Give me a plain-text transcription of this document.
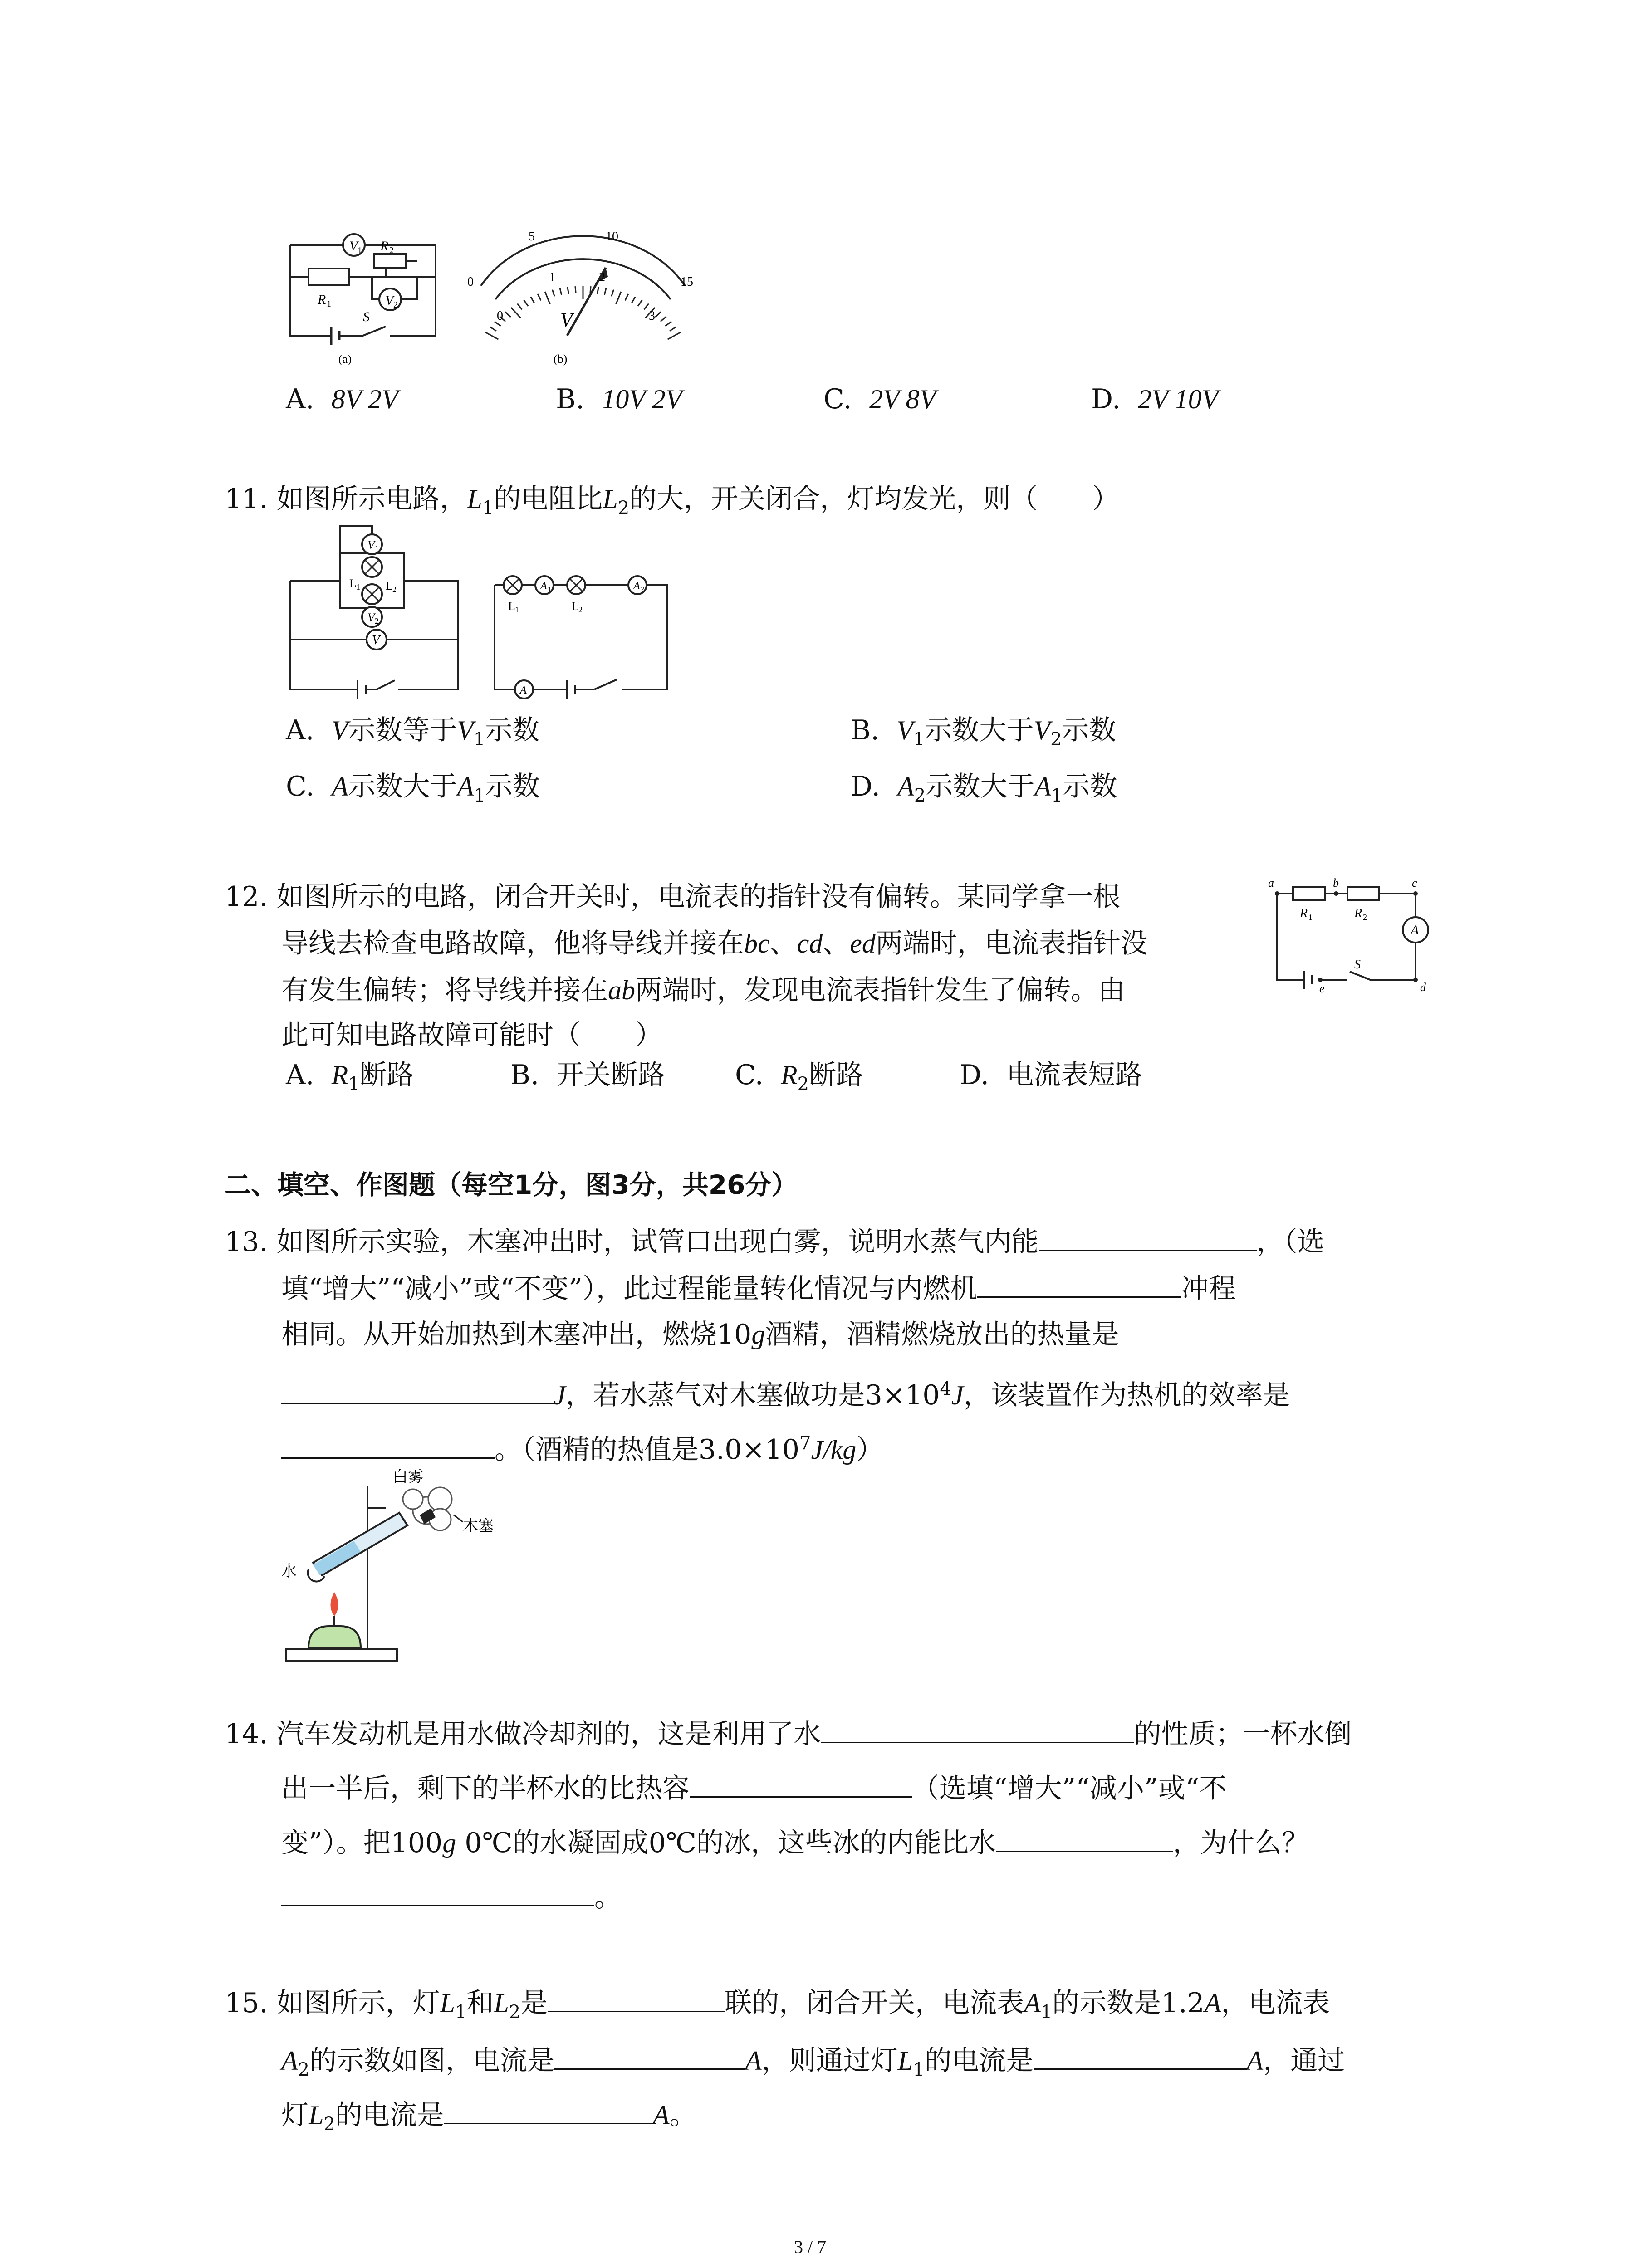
V 1
V 2
R 1
R 2
S
(a)
0
5	10
15
0
1	2
3
V
(b)
A. 8V 2V	B. 10V 2V	C. 2V 8V	D. 2V 10V
11. 如图所示电路，$L_1$的电阻比$L_2$的大，开关闭合，灯均发光，则（　　）
V 1
V 2
V
L 1 L 2	A 1	A 2
A
L 1	L 2
A. V示数等于$V_1$示数	B. $V_1$示数大于$V_2$示数
C. A示数大于$A_1$示数	D. $A_2$示数大于$A_1$示数
12. 如图所示的电路，闭合开关时，电流表的指针没有偏转。某同学拿一根
导线去检查电路故障，他将导线并接在bc、cd、ed两端时，电流表指针没
有发生偏转；将导线并接在ab两端时，发现电流表指针发生了偏转。由
此可知电路故障可能时（　　）
a	b	c
d
e
R 1	R 2
S
A
A. $R_1$断路	B. 开关断路	C. $R_2$断路	D. 电流表短路
二、填空、作图题（每空1分，图3分，共26分）
13. 如图所示实验，木塞冲出时，试管口出现白雾，说明水蒸气内能	，（选
填“增大”“减小”或“不变”），此过程能量转化情况与内燃机	冲程
相同。从开始加热到木塞冲出，燃烧10g酒精，酒精燃烧放出的热量是
J，若水蒸气对木塞做功是$3\times 10^4J$，该装置作为热机的效率是
。（酒精的热值是$3.0\times 10^7J/kg$）
白雾
木塞
水
14. 汽车发动机是用水做冷却剂的，这是利用了水	的性质；一杯水倒
出一半后，剩下的半杯水的比热容	（选填“增大”“减小”或“不
变”）。把100g 0℃的水凝固成0℃的冰，这些冰的内能比水	，为什么？
。
15. 如图所示，灯$L_1$和$L_2$是	联的，闭合开关，电流表$A_1$的示数是1.2A，电流表
$A_2$的示数如图，电流是	A，则通过灯$L_1$的电流是	A，通过
灯$L_2$的电流是	A。
3 / 7
